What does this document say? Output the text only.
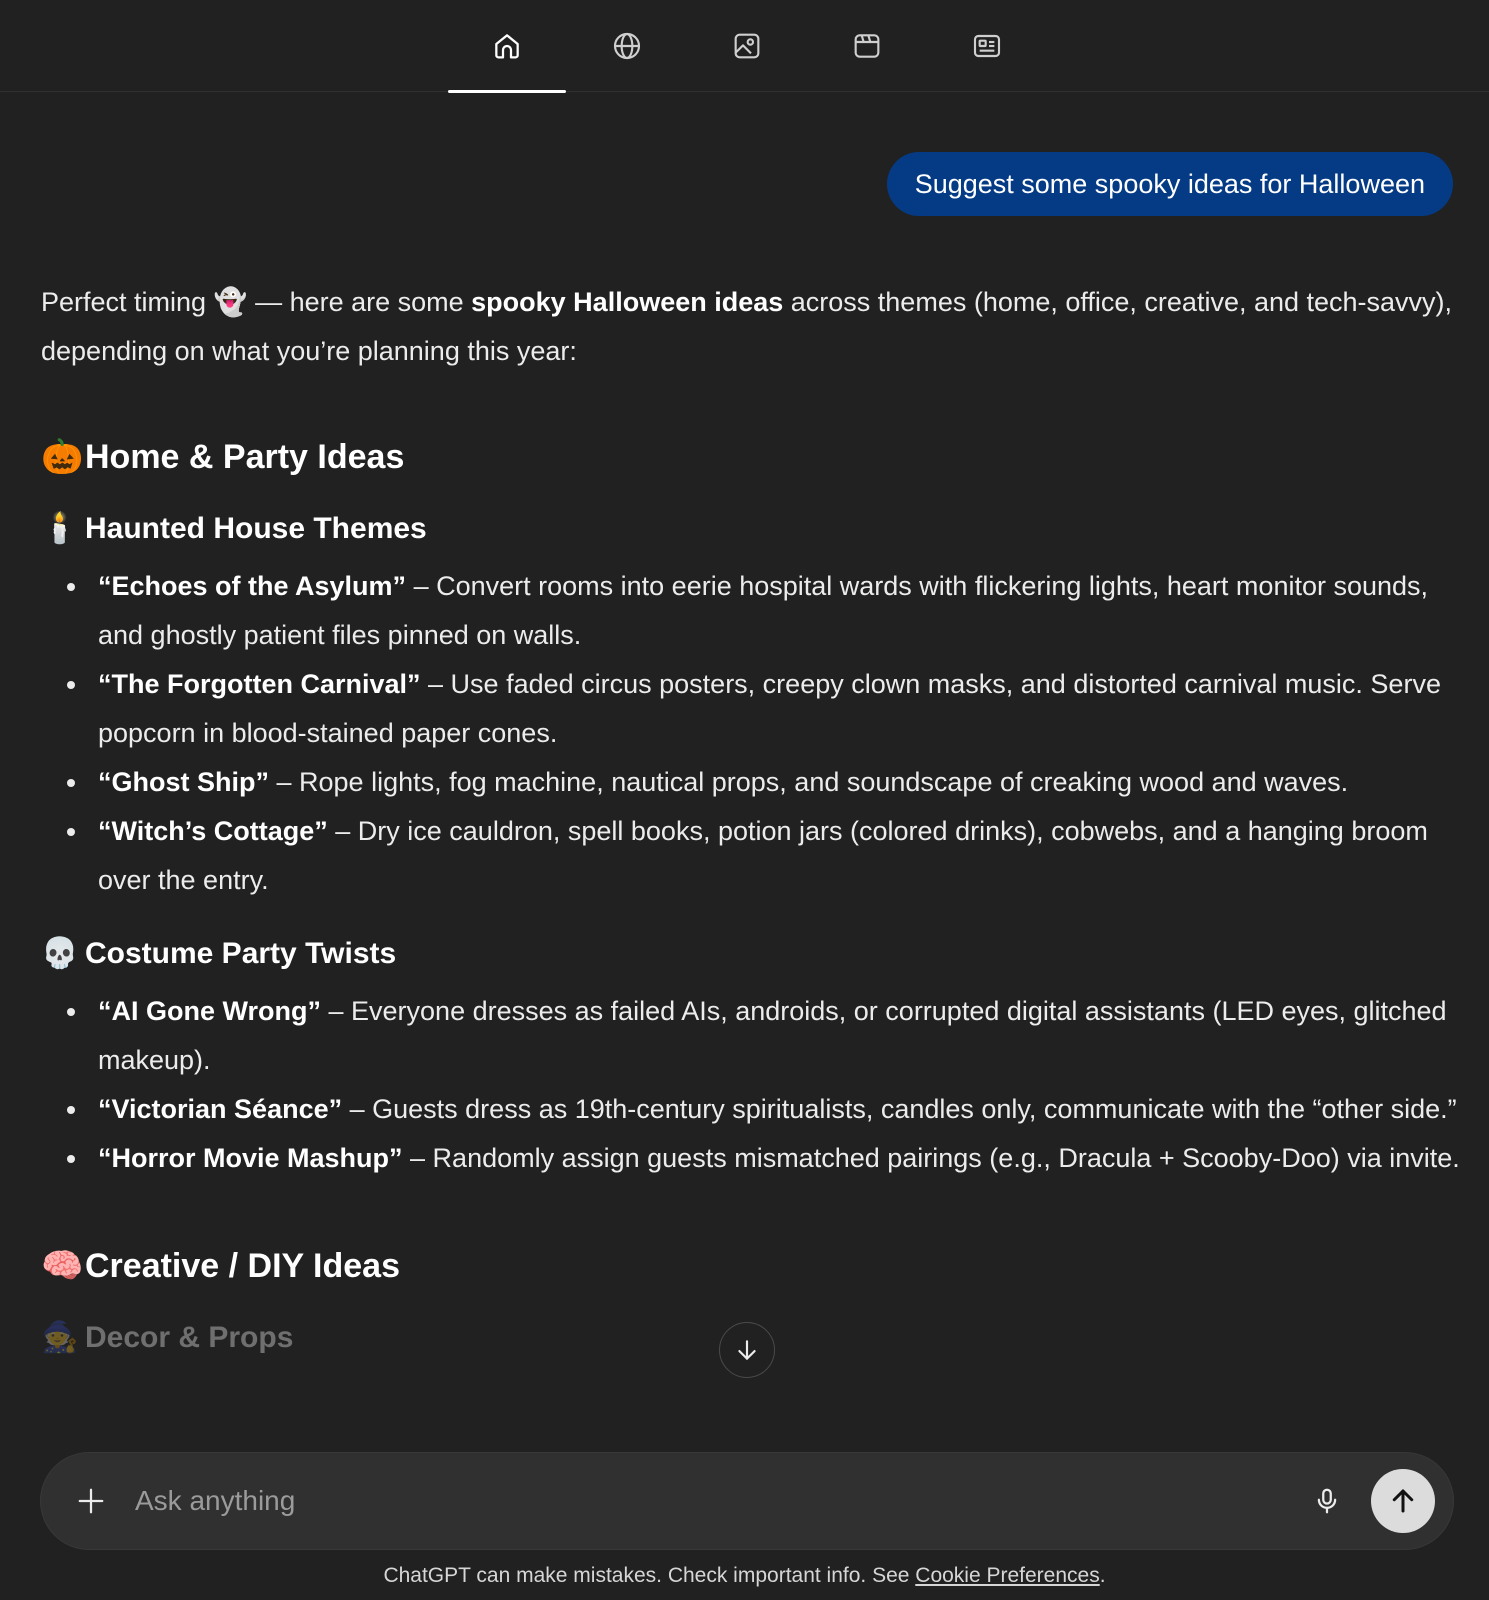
Suggest some spooky ideas for Halloween

Perfect timing 👻 — here are some spooky Halloween ideas across themes (home, office, creative, and tech-savvy), depending on what you’re planning this year:

🎃 Home & Party Ideas
🕯️ Haunted House Themes
“Echoes of the Asylum” – Convert rooms into eerie hospital wards with flickering lights, heart monitor sounds, and ghostly patient files pinned on walls.
“The Forgotten Carnival” – Use faded circus posters, creepy clown masks, and distorted carnival music. Serve popcorn in blood-stained paper cones.
“Ghost Ship” – Rope lights, fog machine, nautical props, and soundscape of creaking wood and waves.
“Witch’s Cottage” – Dry ice cauldron, spell books, potion jars (colored drinks), cobwebs, and a hanging broom over the entry.
💀 Costume Party Twists
“AI Gone Wrong” – Everyone dresses as failed AIs, androids, or corrupted digital assistants (LED eyes, glitched makeup).
“Victorian Séance” – Guests dress as 19th-century spiritualists, candles only, communicate with the “other side.”
“Horror Movie Mashup” – Randomly assign guests mismatched pairings (e.g., Dracula + Scooby-Doo) via invite.
🧠 Creative / DIY Ideas
🧙 Decor & Props
Ask anything
ChatGPT can make mistakes. Check important info. See Cookie Preferences.
